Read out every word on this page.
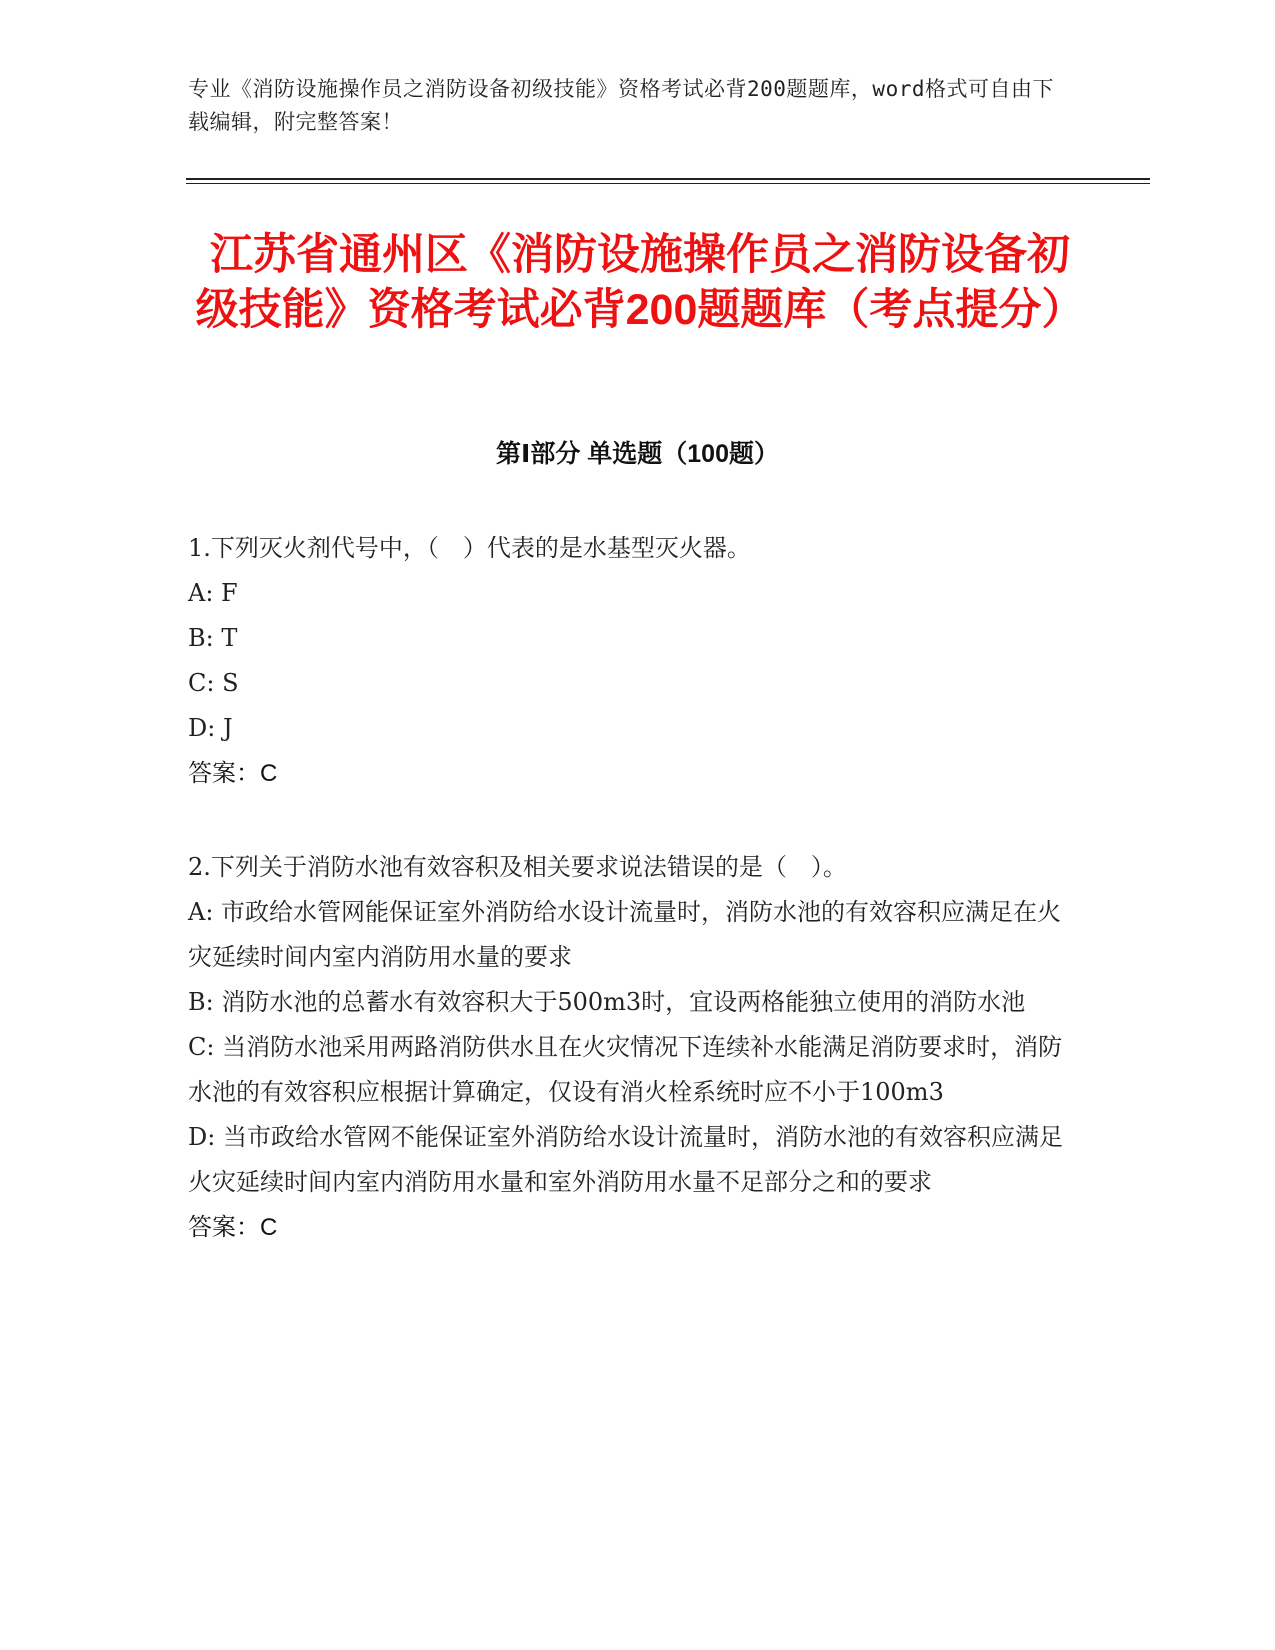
专业《消防设施操作员之消防设备初级技能》资格考试必背200题题库，word格式可自由下载编辑，附完整答案！

江苏省通州区《消防设施操作员之消防设备初级技能》资格考试必背200题题库（考点提分）
第Ⅰ部分 单选题（100题）

1.下列灭火剂代号中，（　）代表的是水基型灭火器。

A: F

B: T

C: S

D: J

答案：C

2.下列关于消防水池有效容积及相关要求说法错误的是（　）。

A: 市政给水管网能保证室外消防给水设计流量时，消防水池的有效容积应满足在火灾延续时间内室内消防用水量的要求

B: 消防水池的总蓄水有效容积大于500m3时，宜设两格能独立使用的消防水池

C: 当消防水池采用两路消防供水且在火灾情况下连续补水能满足消防要求时，消防水池的有效容积应根据计算确定，仅设有消火栓系统时应不小于100m3

D: 当市政给水管网不能保证室外消防给水设计流量时，消防水池的有效容积应满足火灾延续时间内室内消防用水量和室外消防用水量不足部分之和的要求

答案：C
